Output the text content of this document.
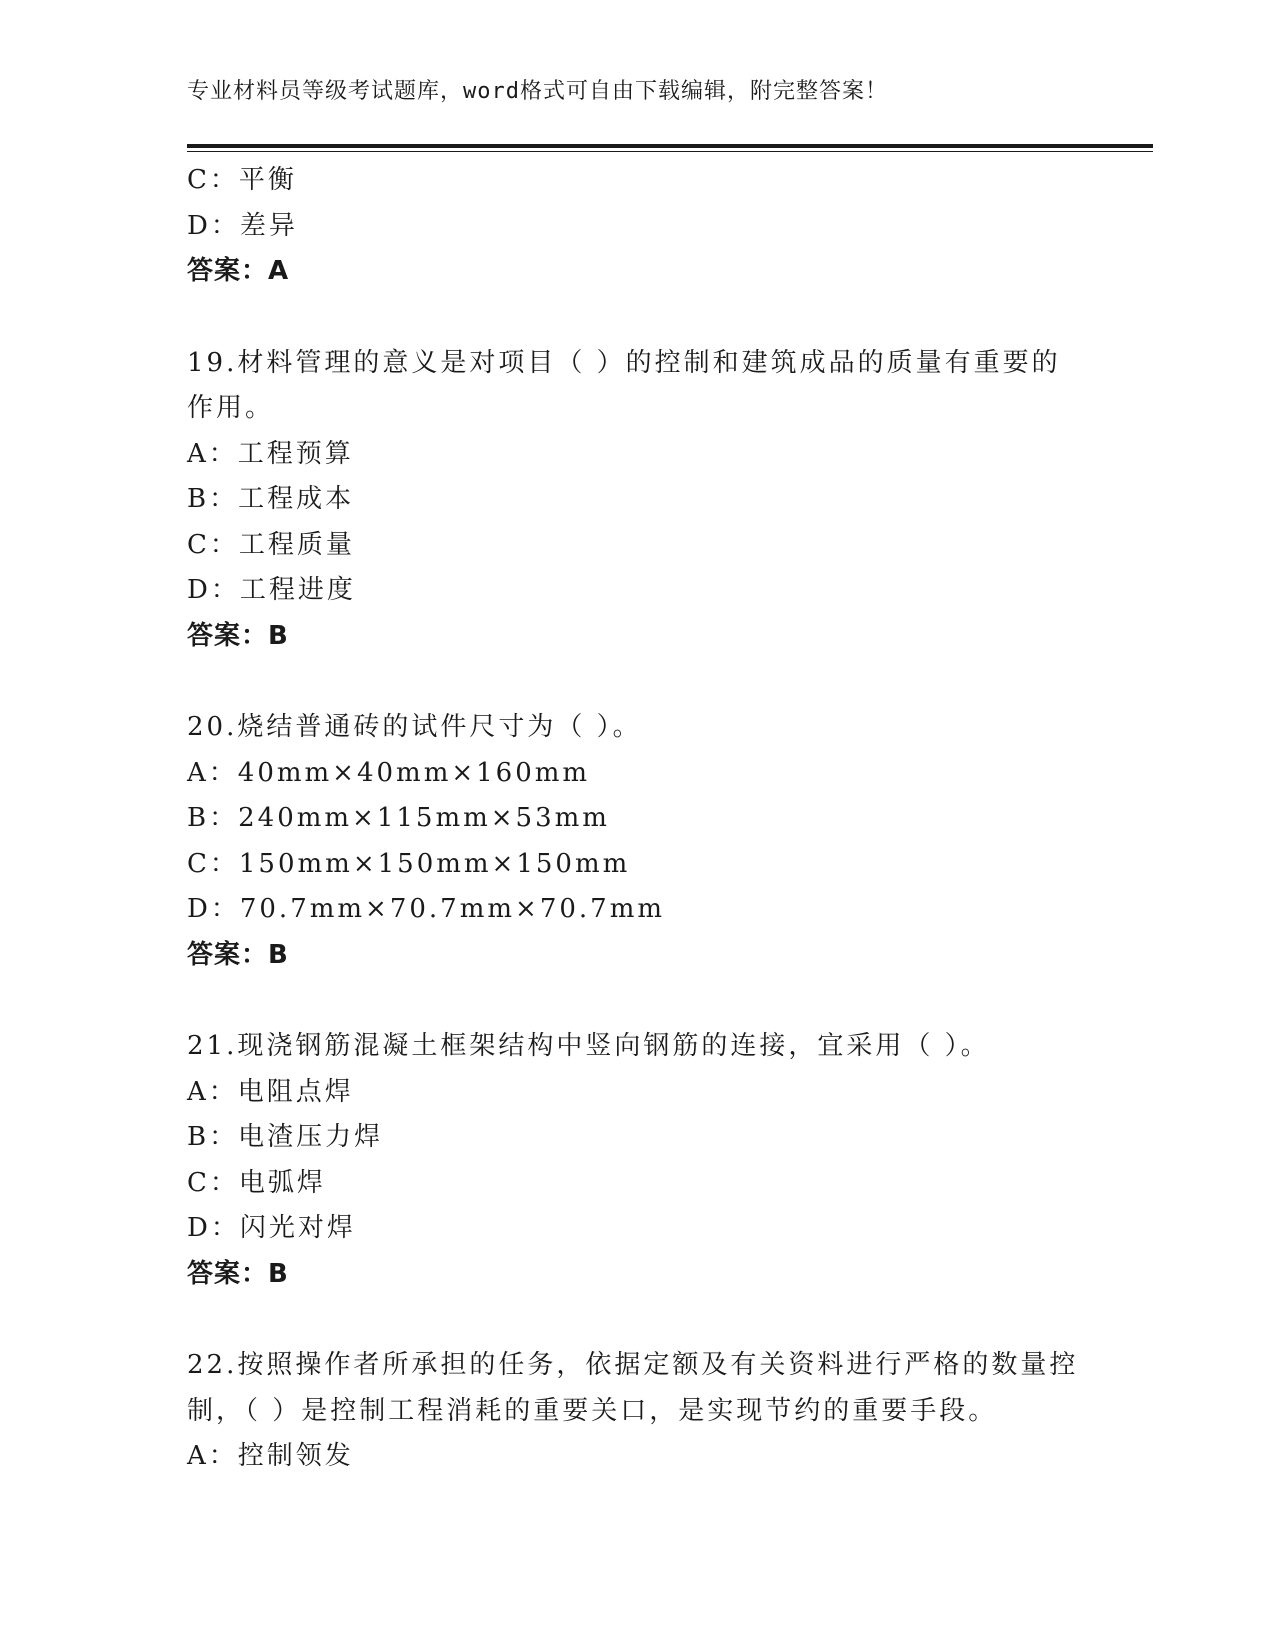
专业材料员等级考试题库，word格式可自由下载编辑，附完整答案！
C：平衡
D：差异
答案：A
19.材料管理的意义是对项目（ ）的控制和建筑成品的质量有重要的
作用。
A：工程预算
B：工程成本
C：工程质量
D：工程进度
答案：B
20.烧结普通砖的试件尺寸为（ ）。
A：40mm×40mm×160mm
B：240mm×115mm×53mm
C：150mm×150mm×150mm
D：70.7mm×70.7mm×70.7mm
答案：B
21.现浇钢筋混凝土框架结构中竖向钢筋的连接，宜采用（ ）。
A：电阻点焊
B：电渣压力焊
C：电弧焊
D：闪光对焊
答案：B
22.按照操作者所承担的任务，依据定额及有关资料进行严格的数量控
制，（ ）是控制工程消耗的重要关口，是实现节约的重要手段。
A：控制领发
